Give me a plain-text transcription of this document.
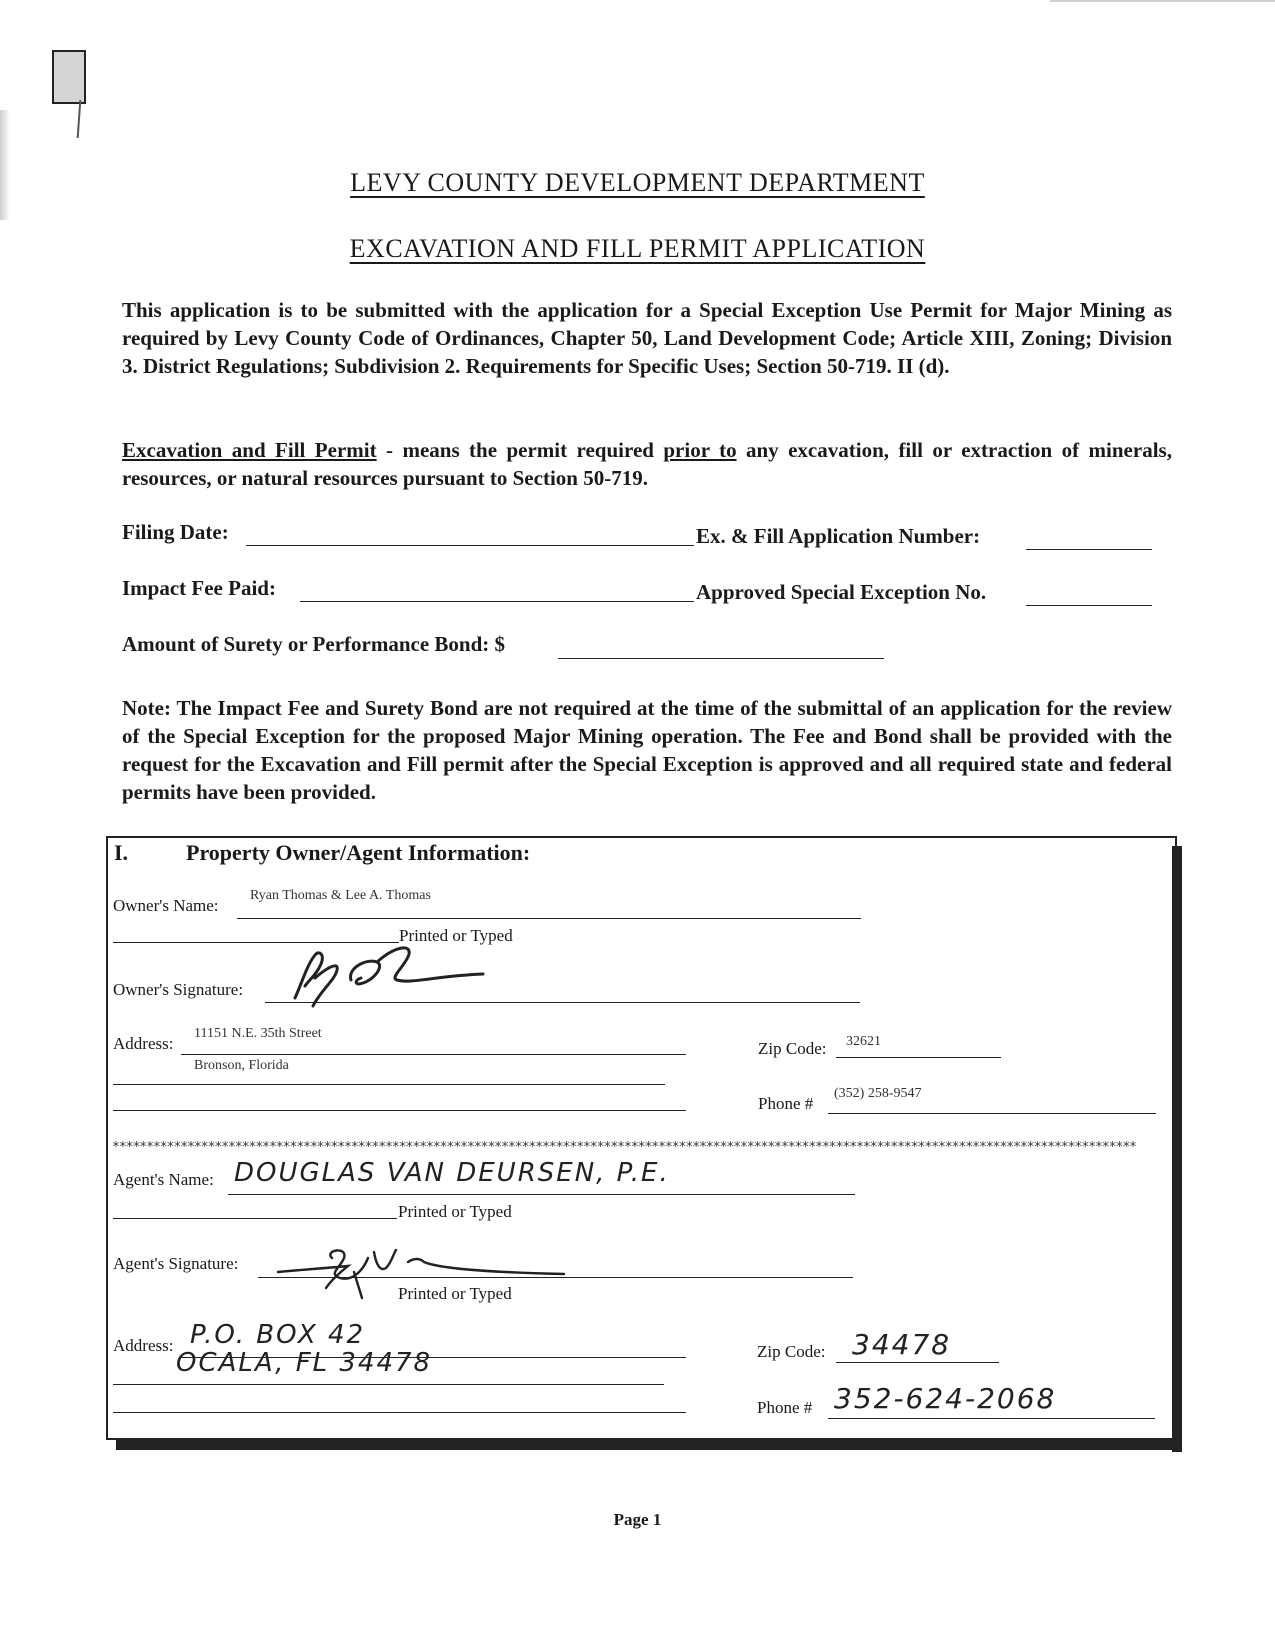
LEVY COUNTY DEVELOPMENT DEPARTMENT
EXCAVATION AND FILL PERMIT APPLICATION
This application is to be submitted with the application for a Special Exception Use Permit for Major Mining as required by Levy County Code of Ordinances, Chapter 50, Land Development Code; Article XIII, Zoning; Division 3. District Regulations; Subdivision 2. Requirements for Specific Uses; Section 50-719. II (d).
Excavation and Fill Permit - means the permit required prior to any excavation, fill or extraction of minerals, resources, or natural resources pursuant to Section 50-719.
Filing Date:	Ex. & Fill Application Number:
Impact Fee Paid:	Approved Special Exception No.
Amount of Surety or Performance Bond: $
Note: The Impact Fee and Surety Bond are not required at the time of the submittal of an application for the review of the Special Exception for the proposed Major Mining operation. The Fee and Bond shall be provided with the request for the Excavation and Fill permit after the Special Exception is approved and all required state and federal permits have been provided.
I.	Property Owner/Agent Information:
Owner's Name:
Ryan Thomas & Lee A. Thomas
Printed or Typed
Owner's Signature:
Address:
11151 N.E. 35th Street
Bronson, Florida
Zip Code: 32621
Phone #
(352) 258-9547
******************************************************************************************************************************************************
Agent's Name: DOUGLAS VAN DEURSEN, P.E.
Printed or Typed
Agent's Signature:
Printed or Typed
Address: P.O. BOX 42
OCALA, FL 34478	Zip Code: 34478
Phone # 352-624-2068
Page 1
